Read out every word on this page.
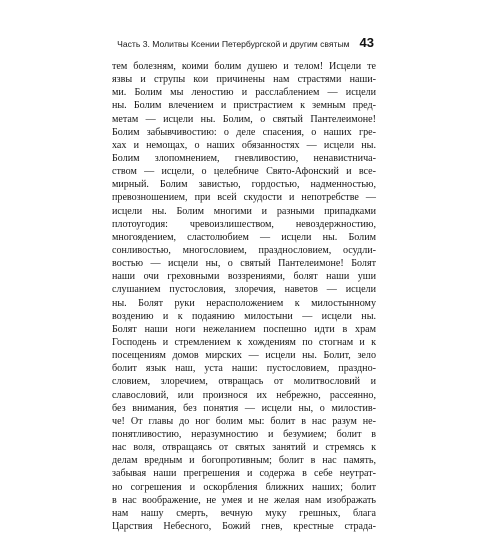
Часть 3. Молитвы Ксении Петербургской и другим святым 43
тем болезням, коими болим душею и телом! Исцели те
язвы и струпы кои причинены нам страстями наши-
ми. Болим мы леностию и расслаблением — исцели
ны. Болим влечением и пристрастием к земным пред-
метам — исцели ны. Болим, о святый Пантелеимоне!
Болим забывчивостию: о деле спасения, о наших гре-
хах и немощах, о наших обязанностях — исцели ны.
Болим злопомнением, гневливостию, ненавистнича-
ством — исцели, о целебниче Свято-Афонский и все-
мирный. Болим завистью, гордостью, надменностью,
превозношением, при всей скудости и непотребстве —
исцели ны. Болим многими и разными припадками
плотоугодия: чревоизлишеством, невоздержностию,
многоядением, сластолюбием — исцели ны. Болим
сонливостью, многословием, празднословием, осудли-
востью — исцели ны, о святый Пантелеимоне! Болят
наши очи греховными воззрениями, болят наши уши
слушанием пустословия, злоречия, наветов — исцели
ны. Болят руки нерасположением к милостынному
воздению и к подаянию милостыни — исцели ны.
Болят наши ноги нежеланием поспешно идти в храм
Господень и стремлением к хождениям по стогнам и к
посещениям домов мирских — исцели ны. Болит, зело
болит язык наш, уста наши: пустословием, праздно-
словием, злоречием, отвращась от молитвословий и
славословий, или произнося их небрежно, рассеянно,
без внимания, без понятия — исцели ны, о милостив-
че! От главы до ног болим мы: болит в нас разум не-
понятливостию, неразумностию и безумием; болит в
нас воля, отвращаясь от святых занятий и стремясь к
делам вредным и богопротивным; болит в нас память,
забывая наши прегрешения и содержа в себе неутрат-
но согрешения и оскорбления ближних наших; болит
в нас воображение, не умея и не желая нам изображать
нам нашу смерть, вечную муку грешных, блага
Царствия Небесного, Божий гнев, крестные страда-
